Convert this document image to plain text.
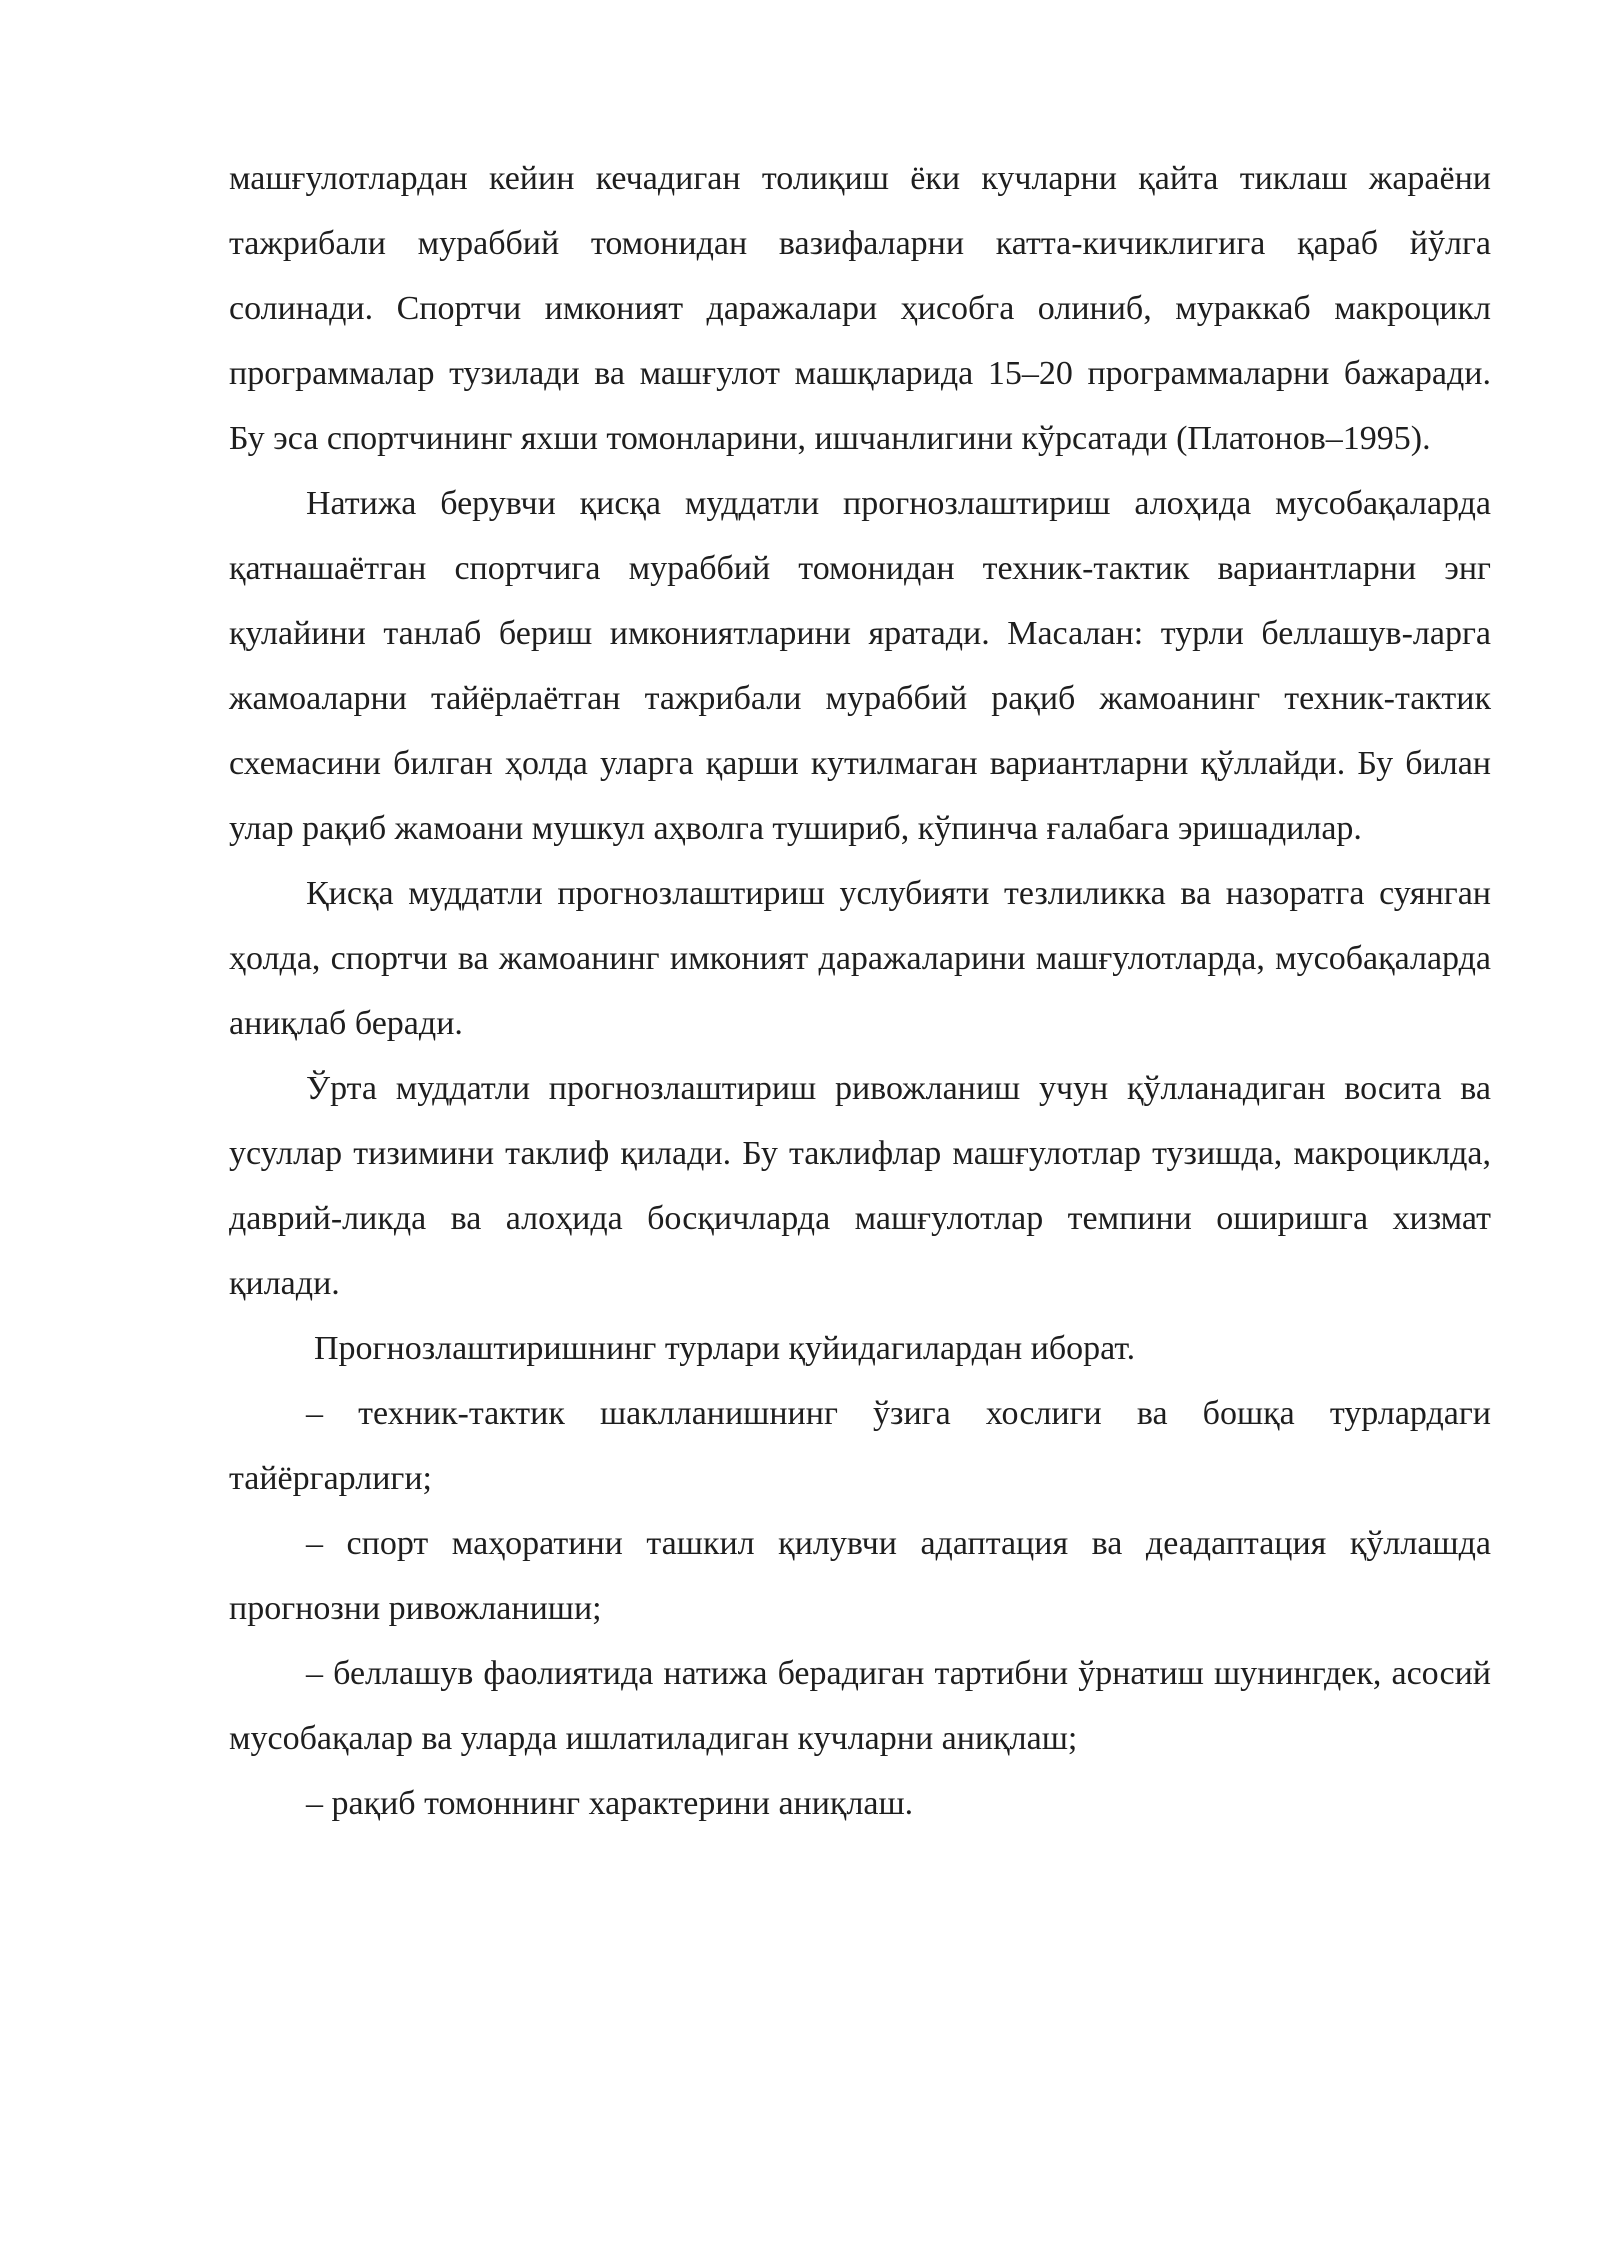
машғулотлардан кейин кечадиган толиқиш ёки кучларни қайта тиклаш жараёни тажрибали мураббий томонидан вазифаларни катта-кичиклигига қараб йўлга солинади. Спортчи имконият даражалари ҳисобга олиниб, мураккаб макроцикл программалар тузилади ва машғулот машқларида 15–20 программаларни бажаради. Бу эса спортчининг яхши томонларини, ишчанлигини кўрсатади (Платонов–1995).

Натижа берувчи қисқа муддатли прогнозлаштириш алоҳида мусобақаларда қатнашаётган спортчига мураббий томонидан техник-тактик вариантларни энг қулайини танлаб бериш имкониятларини яратади. Масалан: турли беллашув-ларга жамоаларни тайёрлаётган тажрибали мураббий рақиб жамоанинг техник-тактик схемасини билган ҳолда уларга қарши кутилмаган вариантларни қўллайди. Бу билан улар рақиб жамоани мушкул аҳволга тушириб, кўпинча ғалабага эришадилар.

Қисқа муддатли прогнозлаштириш услубияти тезлиликка ва назоратга суянган ҳолда, спортчи ва жамоанинг имконият даражаларини машғулотларда, мусобақаларда аниқлаб беради.

Ўрта муддатли прогнозлаштириш ривожланиш учун қўлланадиган восита ва усуллар тизимини таклиф қилади. Бу таклифлар машғулотлар тузишда, макроциклда, даврий-ликда ва алоҳида босқичларда машғулотлар темпини оширишга хизмат қилади.

Прогнозлаштиришнинг турлари қуйидагилардан иборат.

– техник-тактик шаклланишнинг ўзига хослиги ва бошқа турлардаги тайёргарлиги;

– спорт маҳоратини ташкил қилувчи адаптация ва деадаптация қўллашда прогнозни ривожланиши;

– беллашув фаолиятида натижа берадиган тартибни ўрнатиш шунингдек, асосий мусобақалар ва уларда ишлатиладиган кучларни аниқлаш;

– рақиб томоннинг характерини аниқлаш.
